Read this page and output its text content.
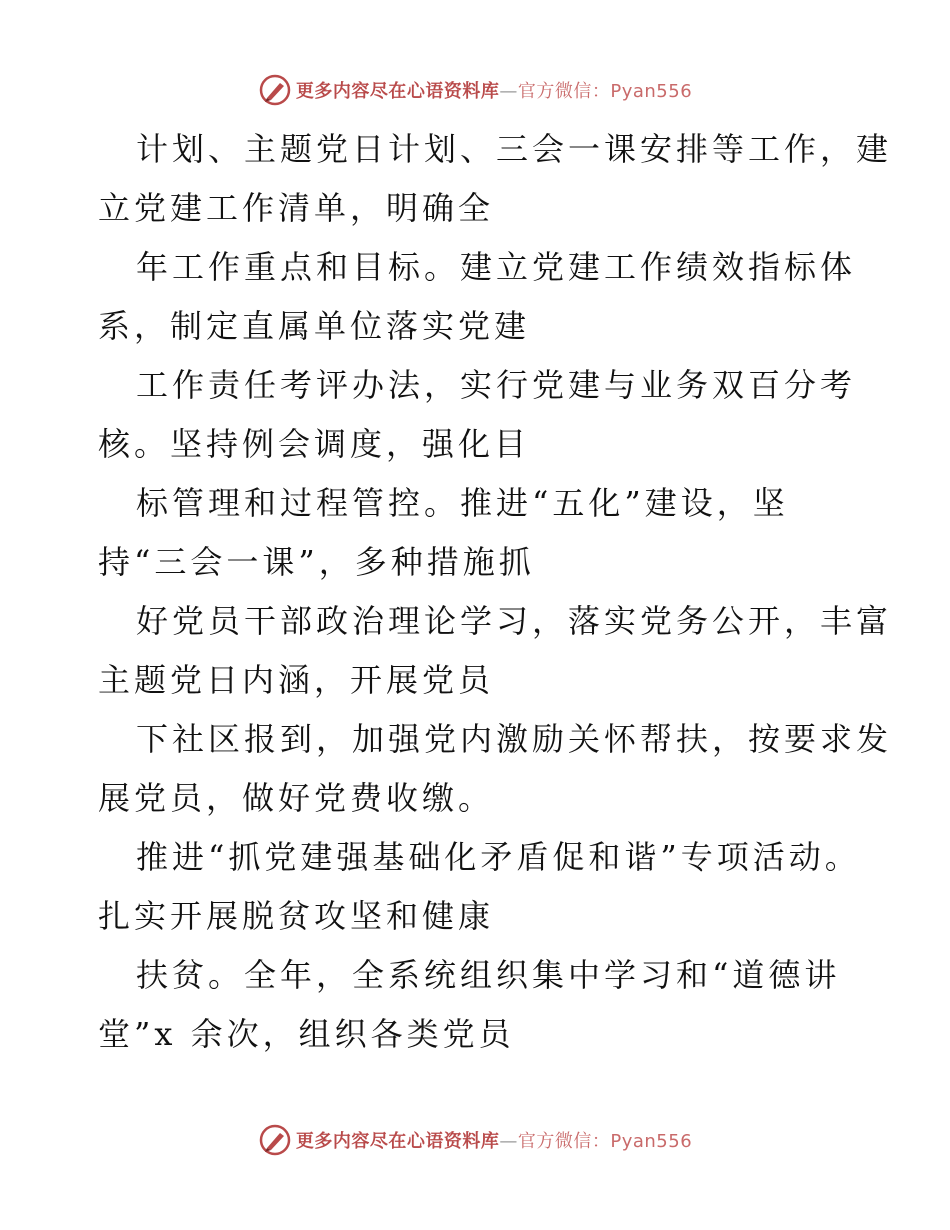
更多内容尽在心语资料库—官方微信：Pyan556
计划、主题党日计划、三会一课安排等工作，建
立党建工作清单，明确全
年工作重点和目标。建立党建工作绩效指标体
系，制定直属单位落实党建
工作责任考评办法，实行党建与业务双百分考
核。坚持例会调度，强化目
标管理和过程管控。推进“五化”建设，坚
持“三会一课”，多种措施抓
好党员干部政治理论学习，落实党务公开，丰富
主题党日内涵，开展党员
下社区报到，加强党内激励关怀帮扶，按要求发
展党员，做好党费收缴。
推进“抓党建强基础化矛盾促和谐”专项活动。
扎实开展脱贫攻坚和健康
扶贫。全年，全系统组织集中学习和“道德讲
堂”x 余次，组织各类党员
更多内容尽在心语资料库—官方微信：Pyan556
